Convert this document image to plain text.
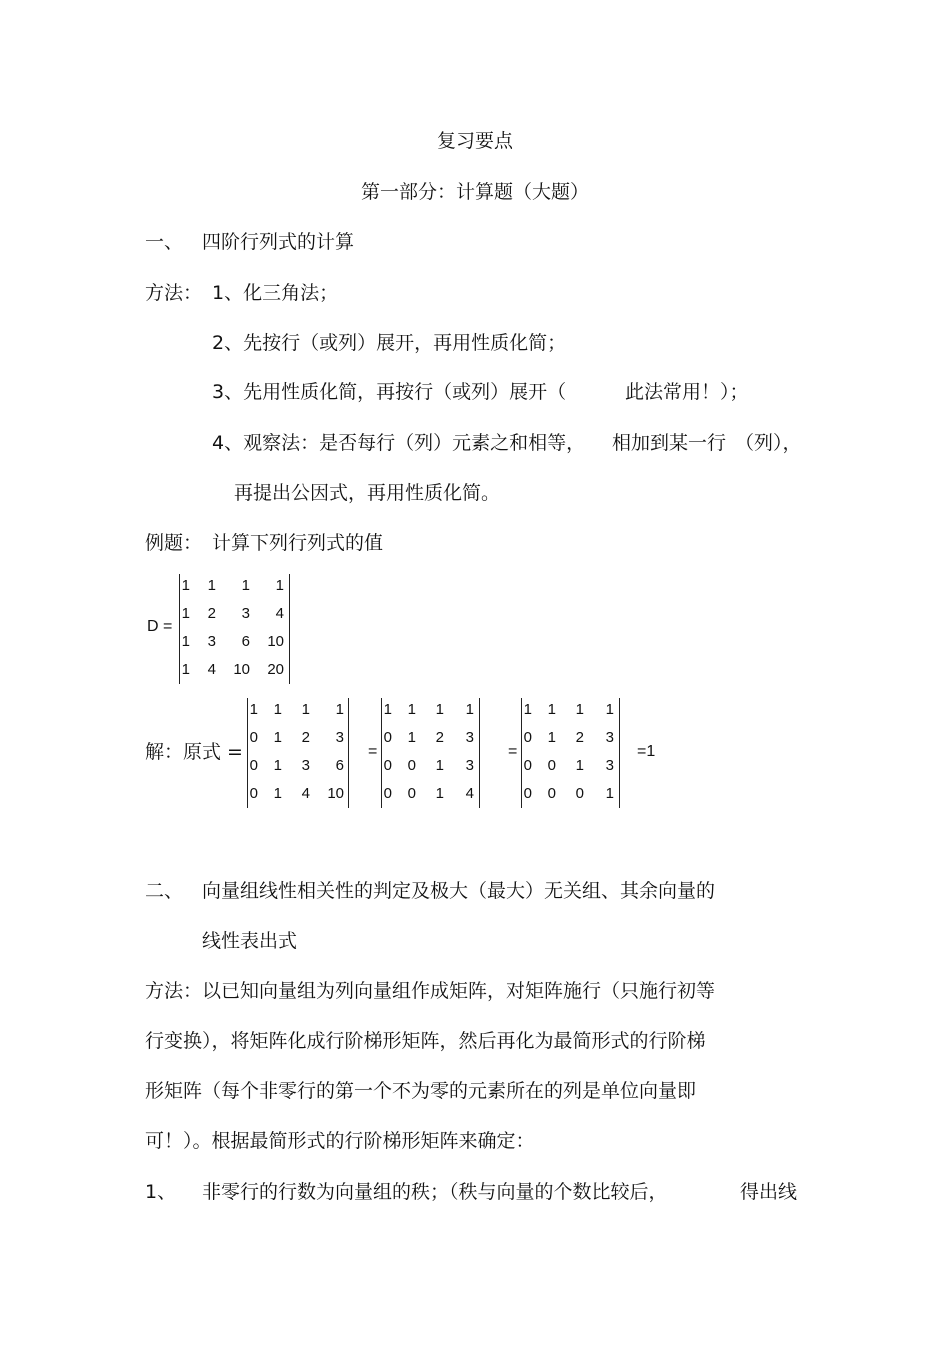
复习要点
第一部分：计算题（大题）
一、 四阶行列式的计算
方法： 1、化三角法；
2、先按行（或列）展开，再用性质化简；
3、先用性质化简，再按行（或列）展开（	此法常用！）；
4、观察法：是否每行（列）元素之和相等， 相加到某一行 （列），
再提出公因式，再用性质化简。
例题： 计算下列行列式的值
D =
1 1	1	1
1 2	3	4
1 3	6	10
1 4 10	20
解：原式 =
1 1	1	1
0 1	2	3
0 1	3	6
0 1	4	10
=
1 1	1	1
0 1	2	3
0 0	1	3
0 0	1	4
=
1 1	1	1
0 1	2	3
0 0	1	3
0 0	0	1
=1
二、 向量组线性相关性的判定及极大（最大）无关组、其余向量的
线性表出式
方法：以已知向量组为列向量组作成矩阵，对矩阵施行（只施行初等
行变换），将矩阵化成行阶梯形矩阵，然后再化为最简形式的行阶梯
形矩阵（每个非零行的第一个不为零的元素所在的列是单位向量即
可！）。根据最简形式的行阶梯形矩阵来确定：
1、 非零行的行数为向量组的秩；（秩与向量的个数比较后，	得出线
